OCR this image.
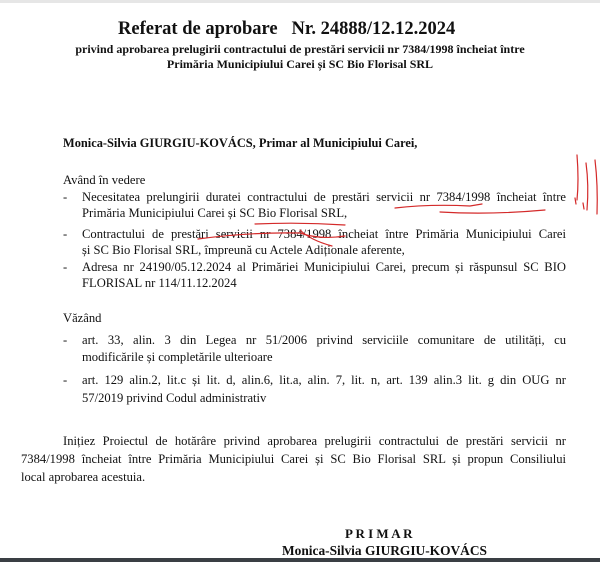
Referat de aprobare Nr. 24888/12.12.2024
privind aprobarea prelugirii contractului de prestări servicii nr 7384/1998 încheiat între
Primăria Municipiului Carei și SC Bio Florisal SRL
Monica-Silvia GIURGIU-KOVÁCS, Primar al Municipiului Carei,
Având în vedere
- Necesitatea prelungirii duratei contractului de prestări servicii nr 7384/1998 încheiat între
Primăria Municipiului Carei și SC Bio Florisal SRL,
- Contractului de prestări servicii nr 7384/1998 încheiat între Primăria Municipiului Carei
și SC Bio Florisal SRL, împreună cu Actele Adiționale aferente,
- Adresa nr 24190/05.12.2024 al Primăriei Municipiului Carei, precum și răspunsul SC BIO
FLORISAL nr 114/11.12.2024
Văzând
- art. 33, alin. 3 din Legea nr 51/2006 privind serviciile comunitare de utilități, cu
modificările și completările ulterioare
- art. 129 alin.2, lit.c și lit. d, alin.6, lit.a, alin. 7, lit. n, art. 139 alin.3 lit. g din OUG nr
57/2019 privind Codul administrativ
Inițiez Proiectul de hotărâre privind aprobarea prelugirii contractului de prestări servicii nr
7384/1998 încheiat între Primăria Municipiului Carei și SC Bio Florisal SRL și propun Consiliului
local aprobarea acestuia.
P R I M A R
Monica-Silvia GIURGIU-KOVÁCS
